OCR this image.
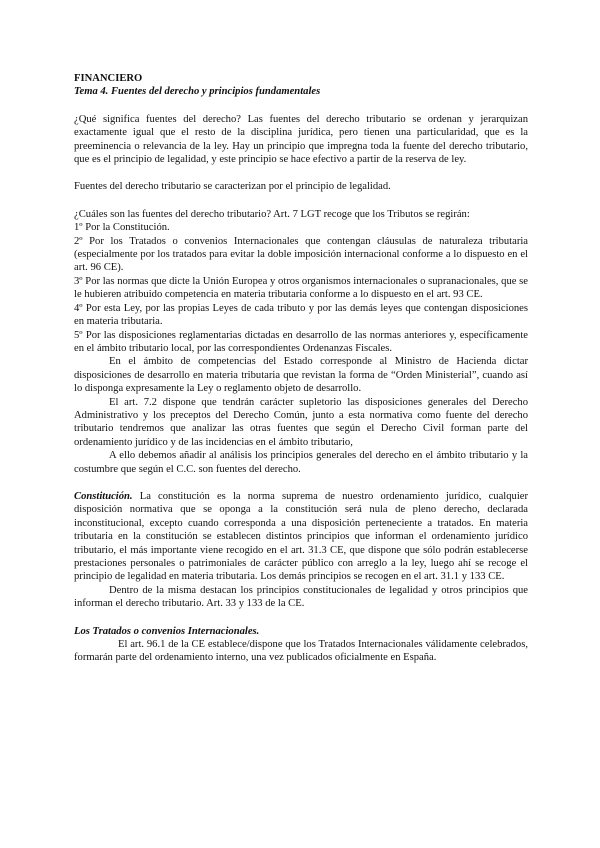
FINANCIERO

Tema 4. Fuentes del derecho y principios fundamentales

¿Qué significa fuentes del derecho? Las fuentes del derecho tributario se ordenan y jerarquizan exactamente igual que el resto de la disciplina jurídica, pero tienen una particularidad, que es la preeminencia o relevancia de la ley. Hay un principio que impregna toda la fuente del derecho tributario, que es el principio de legalidad, y este principio se hace efectivo a partir de la reserva de ley.

Fuentes del derecho tributario se caracterizan por el principio de legalidad.

¿Cuáles son las fuentes del derecho tributario? Art. 7 LGT recoge que los Tributos se regirán:

1º Por la Constitución.

2º Por los Tratados o convenios Internacionales que contengan cláusulas de naturaleza tributaria (especialmente por los tratados para evitar la doble imposición internacional conforme a lo dispuesto en el art. 96 CE).

3º Por las normas que dicte la Unión Europea y otros organismos internacionales o supranacionales, que se le hubieren atribuido competencia en materia tributaria conforme a lo dispuesto en el art. 93 CE.

4º Por esta Ley, por las propias Leyes de cada tributo y por las demás leyes que contengan disposiciones en materia tributaria.

5º Por las disposiciones reglamentarias dictadas en desarrollo de las normas anteriores y, específicamente en el ámbito tributario local, por las correspondientes Ordenanzas Fiscales.

En el ámbito de competencias del Estado corresponde al Ministro de Hacienda dictar disposiciones de desarrollo en materia tributaria que revistan la forma de “Orden Ministerial”, cuando así lo disponga expresamente la Ley o reglamento objeto de desarrollo.

El art. 7.2 dispone que tendrán carácter supletorio las disposiciones generales del Derecho Administrativo y los preceptos del Derecho Común, junto a esta normativa como fuente del derecho tributario tendremos que analizar las otras fuentes que según el Derecho Civil forman parte del ordenamiento jurídico y de las incidencias en el ámbito tributario,

A ello debemos añadir al análisis los principios generales del derecho en el ámbito tributario y la costumbre que según el C.C. son fuentes del derecho.

Constitución. La constitución es la norma suprema de nuestro ordenamiento jurídico, cualquier disposición normativa que se oponga a la constitución será nula de pleno derecho, declarada inconstitucional, excepto cuando corresponda a una disposición perteneciente a tratados. En materia tributaria en la constitución se establecen distintos principios que informan el ordenamiento jurídico tributario, el más importante viene recogido en el art. 31.3 CE, que dispone que sólo podrán establecerse prestaciones personales o patrimoniales de carácter público con arreglo a la ley, luego ahí se recoge el principio de legalidad en materia tributaria. Los demás principios se recogen en el art. 31.1 y 133 CE.

Dentro de la misma destacan los principios constitucionales de legalidad y otros principios que informan el derecho tributario. Art. 33 y 133 de la CE.

Los Tratados o convenios Internacionales.

El art. 96.1 de la CE establece/dispone que los Tratados Internacionales válidamente celebrados, formarán parte del ordenamiento interno, una vez publicados oficialmente en España.
